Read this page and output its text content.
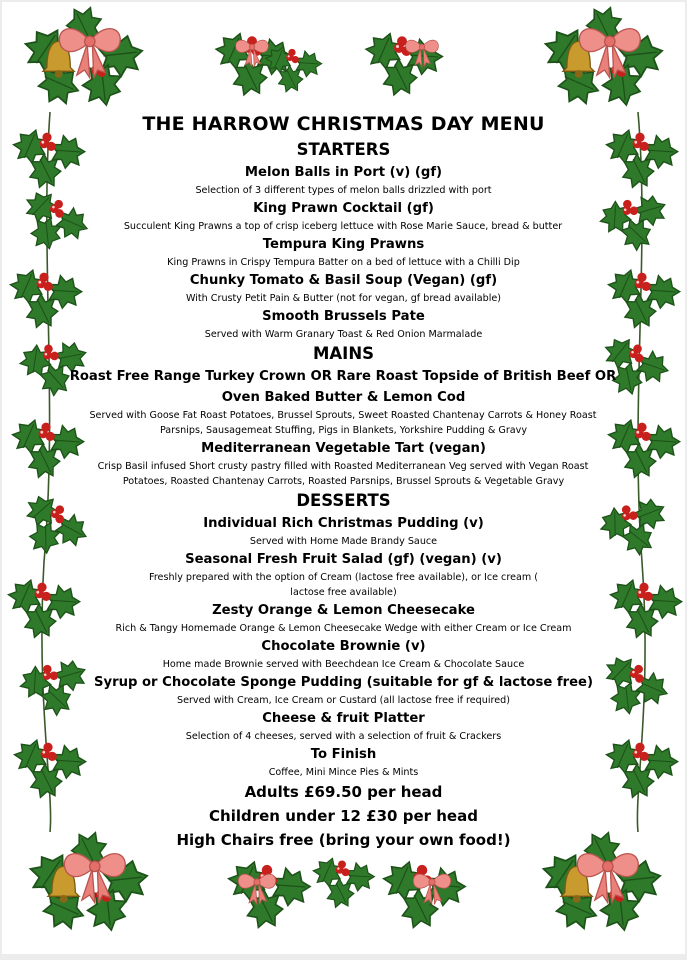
THE HARROW CHRISTMAS DAY MENU
STARTERS
Melon Balls in Port (v) (gf)
Selection of 3 different types of melon balls drizzled with port
King Prawn Cocktail (gf)
Succulent King Prawns a top of crisp iceberg lettuce with Rose Marie Sauce, bread & butter
Tempura King Prawns
King Prawns in Crispy Tempura Batter on a bed of lettuce with a Chilli Dip
Chunky Tomato & Basil Soup (Vegan) (gf)
With Crusty Petit Pain & Butter (not for vegan, gf bread available)
Smooth Brussels Pate
Served with Warm Granary Toast & Red Onion Marmalade
MAINS
Roast Free Range Turkey Crown OR Rare Roast Topside of British Beef OR
Oven Baked Butter & Lemon Cod
Served with Goose Fat Roast Potatoes, Brussel Sprouts, Sweet Roasted Chantenay Carrots & Honey Roast
Parsnips, Sausagemeat Stuffing, Pigs in Blankets, Yorkshire Pudding & Gravy
Mediterranean Vegetable Tart (vegan)
Crisp Basil infused Short crusty pastry filled with Roasted Mediterranean Veg served with Vegan Roast
Potatoes, Roasted Chantenay Carrots, Roasted Parsnips, Brussel Sprouts & Vegetable Gravy
DESSERTS
Individual Rich Christmas Pudding (v)
Served with Home Made Brandy Sauce
Seasonal Fresh Fruit Salad (gf) (vegan) (v)
Freshly prepared with the option of Cream (lactose free available), or Ice cream (
lactose free available)
Zesty Orange & Lemon Cheesecake
Rich & Tangy Homemade Orange & Lemon Cheesecake Wedge with either Cream or Ice Cream
Chocolate Brownie (v)
Home made Brownie served with Beechdean Ice Cream & Chocolate Sauce
Syrup or Chocolate Sponge Pudding (suitable for gf & lactose free)
Served with Cream, Ice Cream or Custard (all lactose free if required)
Cheese & fruit Platter
Selection of 4 cheeses, served with a selection of fruit & Crackers
To Finish
Coffee, Mini Mince Pies & Mints
Adults £69.50 per head
Children under 12 £30 per head
High Chairs free (bring your own food!)
